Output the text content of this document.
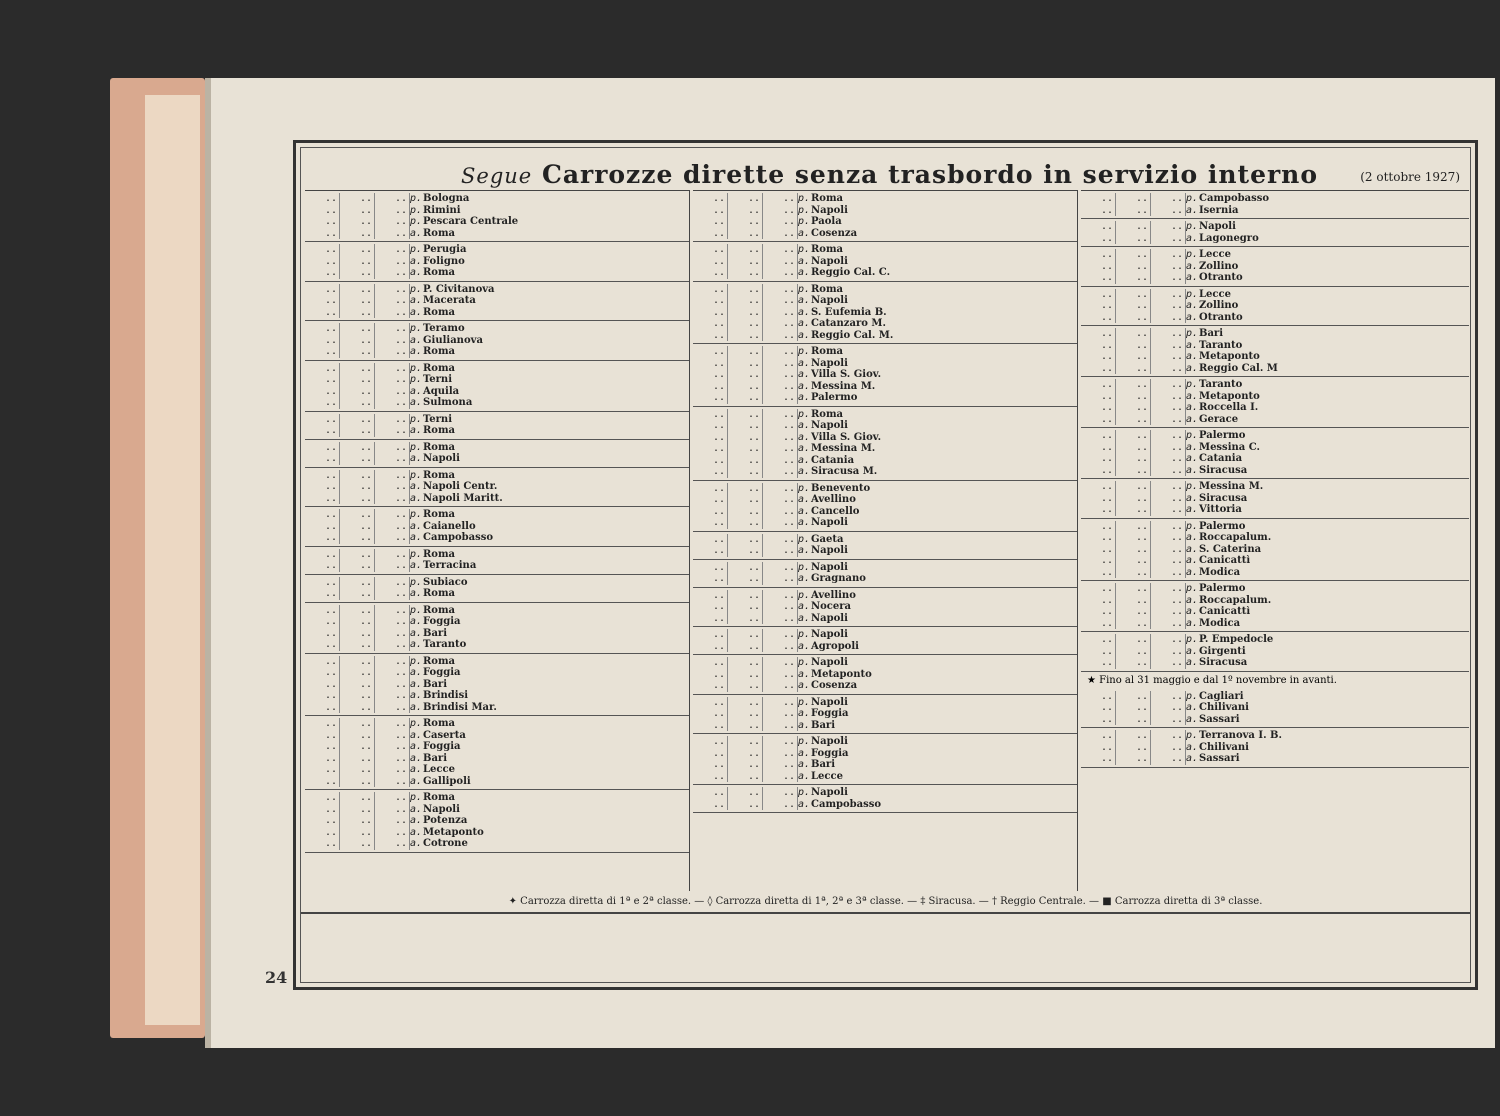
Segue Carrozze dirette senza trasbordo in servizio interno	(2 ottobre 1927)
..	..	.. p. Bologna
..	..	.. p. Rimini
..	..	.. p. Pescara Centrale
..	..	.. a. Roma
..	..	.. p. Perugia
..	..	.. a. Foligno
..	..	.. a. Roma
..	..	.. p. P. Civitanova
..	..	.. a. Macerata
..	..	.. a. Roma
..	..	.. p. Teramo
..	..	.. a. Giulianova
..	..	.. a. Roma
..	..	.. p. Roma
..	..	.. p. Terni
..	..	.. a. Aquila
..	..	.. a. Sulmona
..	..	.. p. Terni
..	..	.. a. Roma
..	..	.. p. Roma
..	..	.. a. Napoli
..	..	.. p. Roma
..	..	.. a. Napoli Centr.
..	..	.. a. Napoli Maritt.
..	..	.. p. Roma
..	..	.. a. Caianello
..	..	.. a. Campobasso
..	..	.. p. Roma
..	..	.. a. Terracina
..	..	.. p. Subiaco
..	..	.. a. Roma
..	..	.. p. Roma
..	..	.. a. Foggia
..	..	.. a. Bari
..	..	.. a. Taranto
..	..	.. p. Roma
..	..	.. a. Foggia
..	..	.. a. Bari
..	..	.. a. Brindisi
..	..	.. a. Brindisi Mar.
..	..	.. p. Roma
..	..	.. a. Caserta
..	..	.. a. Foggia
..	..	.. a. Bari
..	..	.. a. Lecce
..	..	.. a. Gallipoli
..	..	.. p. Roma
..	..	.. a. Napoli
..	..	.. a. Potenza
..	..	.. a. Metaponto
..	..	.. a. Cotrone
..	..	.. p. Roma
..	..	.. p. Napoli
..	..	.. p. Paola
..	..	.. a. Cosenza
..	..	.. p. Roma
..	..	.. a. Napoli
..	..	.. a. Reggio Cal. C.
..	..	.. p. Roma
..	..	.. a. Napoli
..	..	.. a. S. Eufemia B.
..	..	.. a. Catanzaro M.
..	..	.. a. Reggio Cal. M.
..	..	.. p. Roma
..	..	.. a. Napoli
..	..	.. a. Villa S. Giov.
..	..	.. a. Messina M.
..	..	.. a. Palermo
..	..	.. p. Roma
..	..	.. a. Napoli
..	..	.. a. Villa S. Giov.
..	..	.. a. Messina M.
..	..	.. a. Catania
..	..	.. a. Siracusa M.
..	..	.. p. Benevento
..	..	.. a. Avellino
..	..	.. a. Cancello
..	..	.. a. Napoli
..	..	.. p. Gaeta
..	..	.. a. Napoli
..	..	.. p. Napoli
..	..	.. a. Gragnano
..	..	.. p. Avellino
..	..	.. a. Nocera
..	..	.. a. Napoli
..	..	.. p. Napoli
..	..	.. a. Agropoli
..	..	.. p. Napoli
..	..	.. a. Metaponto
..	..	.. a. Cosenza
..	..	.. p. Napoli
..	..	.. a. Foggia
..	..	.. a. Bari
..	..	.. p. Napoli
..	..	.. a. Foggia
..	..	.. a. Bari
..	..	.. a. Lecce
..	..	.. p. Napoli
..	..	.. a. Campobasso
..	..	.. p. Campobasso
..	..	.. a. Isernia
..	..	.. p. Napoli
..	..	.. a. Lagonegro
..	..	.. p. Lecce
..	..	.. a. Zollino
..	..	.. a. Otranto
..	..	.. p. Lecce
..	..	.. a. Zollino
..	..	.. a. Otranto
..	..	.. p. Bari
..	..	.. a. Taranto
..	..	.. a. Metaponto
..	..	.. a. Reggio Cal. M
..	..	.. p. Taranto
..	..	.. a. Metaponto
..	..	.. a. Roccella I.
..	..	.. a. Gerace
..	..	.. p. Palermo
..	..	.. a. Messina C.
..	..	.. a. Catania
..	..	.. a. Siracusa
..	..	.. p. Messina M.
..	..	.. a. Siracusa
..	..	.. a. Vittoria
..	..	.. p. Palermo
..	..	.. a. Roccapalum.
..	..	.. a. S. Caterina
..	..	.. a. Canicattì
..	..	.. a. Modica
..	..	.. p. Palermo
..	..	.. a. Roccapalum.
..	..	.. a. Canicattì
..	..	.. a. Modica
..	..	.. p. P. Empedocle
..	..	.. a. Girgenti
..	..	.. a. Siracusa
★ Fino al 31 maggio e dal 1º novembre in avanti.
..	..	.. p. Cagliari
..	..	.. a. Chilivani
..	..	.. a. Sassari
..	..	.. p. Terranova I. B.
..	..	.. a. Chilivani
..	..	.. a. Sassari
✦ Carrozza diretta di 1ª e 2ª classe. — ◊ Carrozza diretta di 1ª, 2ª e 3ª classe. — ‡ Siracusa. — † Reggio Centrale. — ■ Carrozza diretta di 3ª classe.
24
